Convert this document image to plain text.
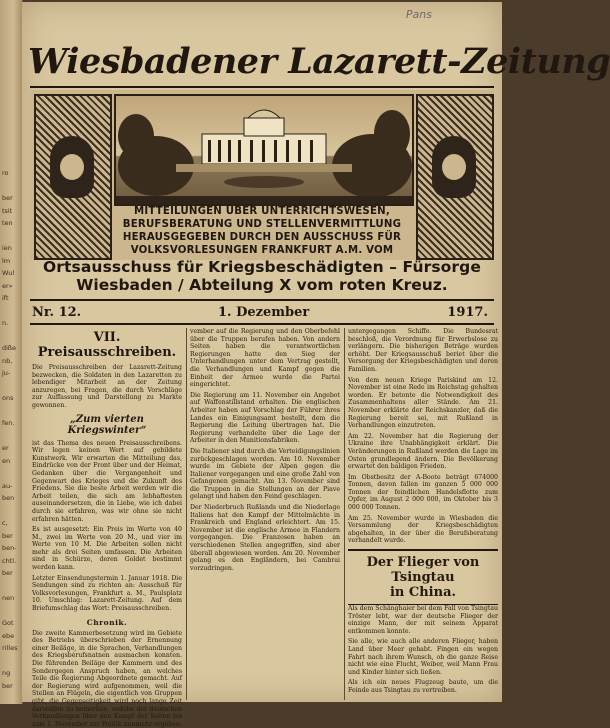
ro
ber
tsit
ten
ien
lm
Wul
er»
ift
n.
diße
nb,
ju-
ons
fen.
er
en
au-
ben
c,
ber
ben-
chtl.
ber
nen
Got
ebe
rilles
ng
ber
Pans
Wiesbadener Lazarett-Zeitung
MITTEILUNGEN ÜBER UNTERRICHTSWESEN,
BERUFSBERATUNG UND STELLENVERMITTLUNG
HERAUSGEGEBEN DURCH DEN AUSSCHUSS FÜR
VOLKSVORLESUNGEN FRANKFURT A.M. VOM
Ortsausschuss für Kriegsbeschädigten – Fürsorge
Wiesbaden / Abteilung X vom roten Kreuz.
Nr. 12.	1. Dezember	1917.
VII. Preisausschreiben.

Die Preisausschreiben der Lazarett-Zeitung bezwecken, die Soldaten in den Lazaretten zu lebendiger Mitarbeit an der Zeitung anzuregen, bei Fragen, die durch Vorschläge zur Auffassung und Darstellung zu Markte gewonnen.

„Zum vierten Kriegswinter“

ist das Thema des neuen Preisausschreibens. Wir legen keinen Wert auf gebildete Kunstwerk. Wir erwarten die Mitteilung das, Eindrücke von der Front über und der Heimat, Gedanken über die Vergangenheit und Gegenwart des Krieges und die Zukunft des Friedens. Sie die beste Arbeit werden wir die Arbeit teilen, die sich am lebhaftesten auseinandersetzen, die in Liebe, wie ich dabei durch sie erfahren, was wir ohne sie nicht erfahren hätten.

Es ist ausgesetzt: Ein Preis im Werte von 40 M., zwei im Werte von 20 M., und vier im Werte von 10 M. Die Arbeiten sollen nicht mehr als drei Seiten umfassen. Die Arbeiten sind in Schürze, deren Goldet bestimmt werden kann.

Letzter Einsendungstermin 1. Januar 1918. Die Sendungen sind zu richten an: Ausschuß für Volksvorlesungen, Frankfurt a. M., Paulsplatz 10. Umschlag: Lazarett-Zeitung. Auf dem Briefumschlag das Wort: Preisausschreiben.

Chronik.

Die zweite Kammerbesetzung wird im Gebiete des Betriebs überschrieben der Ernennung einer Beiläge, in die Sprachen, Verhandlungen des Kriegsbérufsnatnen ausmachen konnten. Die führenden Beiläge der Kammern und des Sondergegen Anspruch haben, an welches Teile die Regierung Abgeordnete gemacht. Auf der Regierung wird aufgenommen, weil die Stellen an Flügeln, die eigentlich von Gruppen gibt, die Gegenseitigkeit wird noch lange Zeit darstellen zu bemerken, welche der deutschen Verhandlungen über den Kampf der Seiten bis zum 1. November zur Politik nunmehr ergeben.

vember auf die Regierung und den Oberbefehl über die Truppen berufen haben. Von andern Seiten haben die verantwortlichen Regierungen hatte den Sieg der Unterhandlungen unter dem Vertrag gestellt, die Verhandlungen und Kampf gegen die Einheit der Armee wurde die Partei eingerichtet.

Die Regierung am 11. November ein Angebot auf Waffenstillstand erhalten. Die englischen Arbeiter haben auf Vorschlag der Führer ihres Landes ein Einigungsamt bestellt, dem die Regierung die Leitung übertragen hat. Die Regierung verhandelte über die Lage der Arbeiter in den Munitionsfabriken.

Die Italiener sind durch die Verteidigungslinien zurückgeschlagen worden. Am 10. November wurde im Gebiete der Alpen gegen die Italiener vorgegangen und eine große Zahl von Gefangenen gemacht. Am 13. November sind die Truppen in die Stellungen an der Piave gelangt und haben den Feind geschlagen.

Der Niederbruch Rußlands und die Niederlage Italiens hat den Kampf der Mittelmächte in Frankreich und England erleichtert. Am 15. November ist die englische Armee in Flandern vorgegangen. Die Franzosen haben an verschiedenen Stellen angegriffen, sind aber überall abgewiesen worden. Am 20. November gelang es den Engländern, bei Cambrai vorzudringen.

untergegangen Schiffe. Die Bundesrat beschloß, die Verordnung für Erwerbslose zu verlängern. Die bisherigen Beträge wurden erhöht. Der Kriegsausschuß beriet über die Versorgung der Kriegsbeschädigten und deren Familien.

Von dem neuen Kriege Pariskind am 12. November ist eine Rede im Reichstag gehalten worden. Er betonte die Notwendigkeit des Zusammenhaltens aller Stände. Am 21. November erklärte der Reichskanzler, daß die Regierung bereit sei, mit Rußland in Verhandlungen einzutreten.

Am 22. November hat die Regierung der Ukraine ihre Unabhängigkeit erklärt. Die Veränderungen in Rußland werden die Lage im Osten grundlegend ändern. Die Bevölkerung erwartet den baldigen Frieden.

Im Obstbesitz der A-Boote beträgt 674000 Tonnen, davon fallen im ganzen 5 000 000 Tonnen der feindlichen Handelsflotte zum Opfer, im August 2 000 000, im Oktober bis 3 000 000 Tonnen.

Am 25. November wurde in Wiesbaden die Versammlung der Kriegsbeschädigten abgehalten, in der über die Berufsberatung verhandelt wurde.

Der Flieger von Tsingtau
in China.

Als dem Schänghaier bei dem Fall von Tsingtau Tröster lebt, war der deutsche Flieger der einzige Mann, der mit seinem Apparat entkommen konnte.

Sie alle, wie auch alle anderen Flieger, haben Land über Meer gehabt. Fingen ein wegen Fahrt nach ihrem Wunsch, ob die ganze Reise nicht wie eine Flucht, Weiber, weil Mann Frau und Kinder hinter sich ließen.

Als ich ein neues Flugzeug baute, um die Feinde aus Tsingtau zu vertreiben.
